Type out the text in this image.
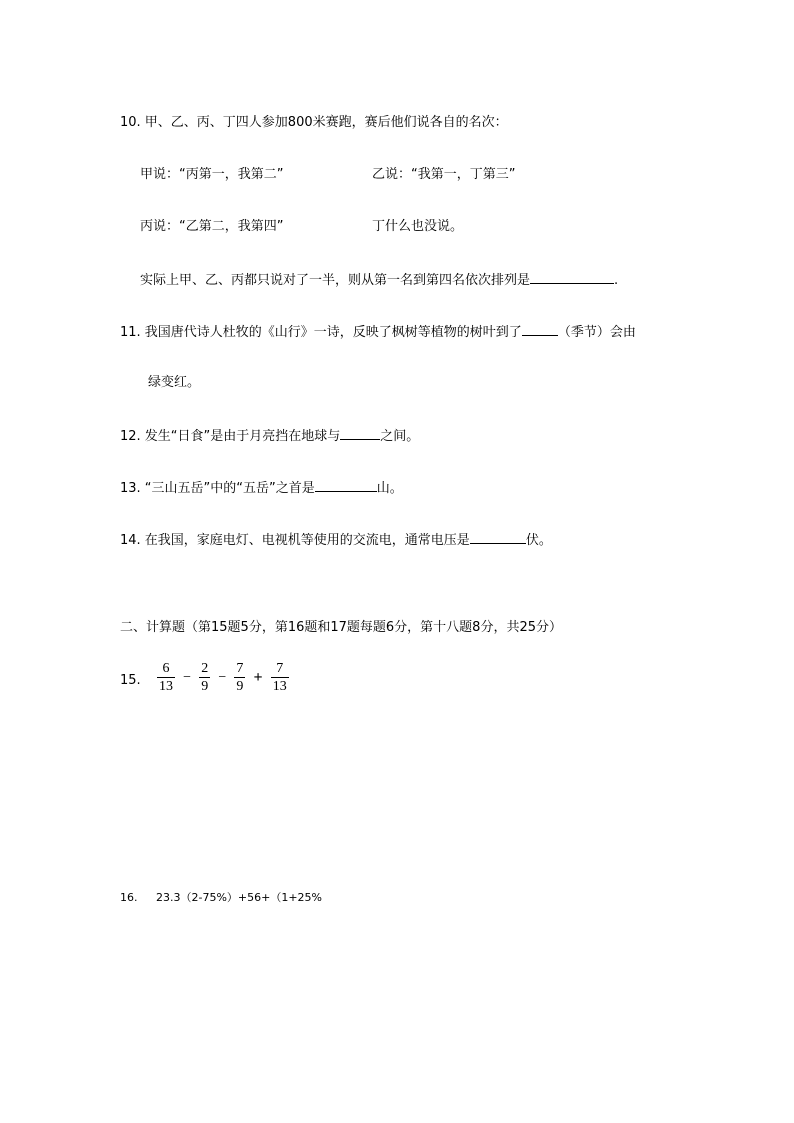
10. 甲、乙、丙、丁四人参加800米赛跑，赛后他们说各自的名次：
甲说：“丙第一，我第二”	乙说：“我第一，丁第三”
丙说：“乙第二，我第四”	丁什么也没说。
实际上甲、乙、丙都只说对了一半，则从第一名到第四名依次排列是	.
11. 我国唐代诗人杜牧的《山行》一诗，反映了枫树等植物的树叶到了	（季节）会由
绿变红。
12. 发生“日食”是由于月亮挡在地球与	之间。
13. “三山五岳”中的“五岳”之首是	山。
14. 在我国，家庭电灯、电视机等使用的交流电，通常电压是	伏。
二、计算题（第15题5分，第16题和17题每题6分，第十八题8分，共25分）
15. $\frac{6}{13} - \frac{2}{9} - \frac{7}{9} + \frac{7}{13}$
16. 23.3（2-75%）+56+（1+25%
